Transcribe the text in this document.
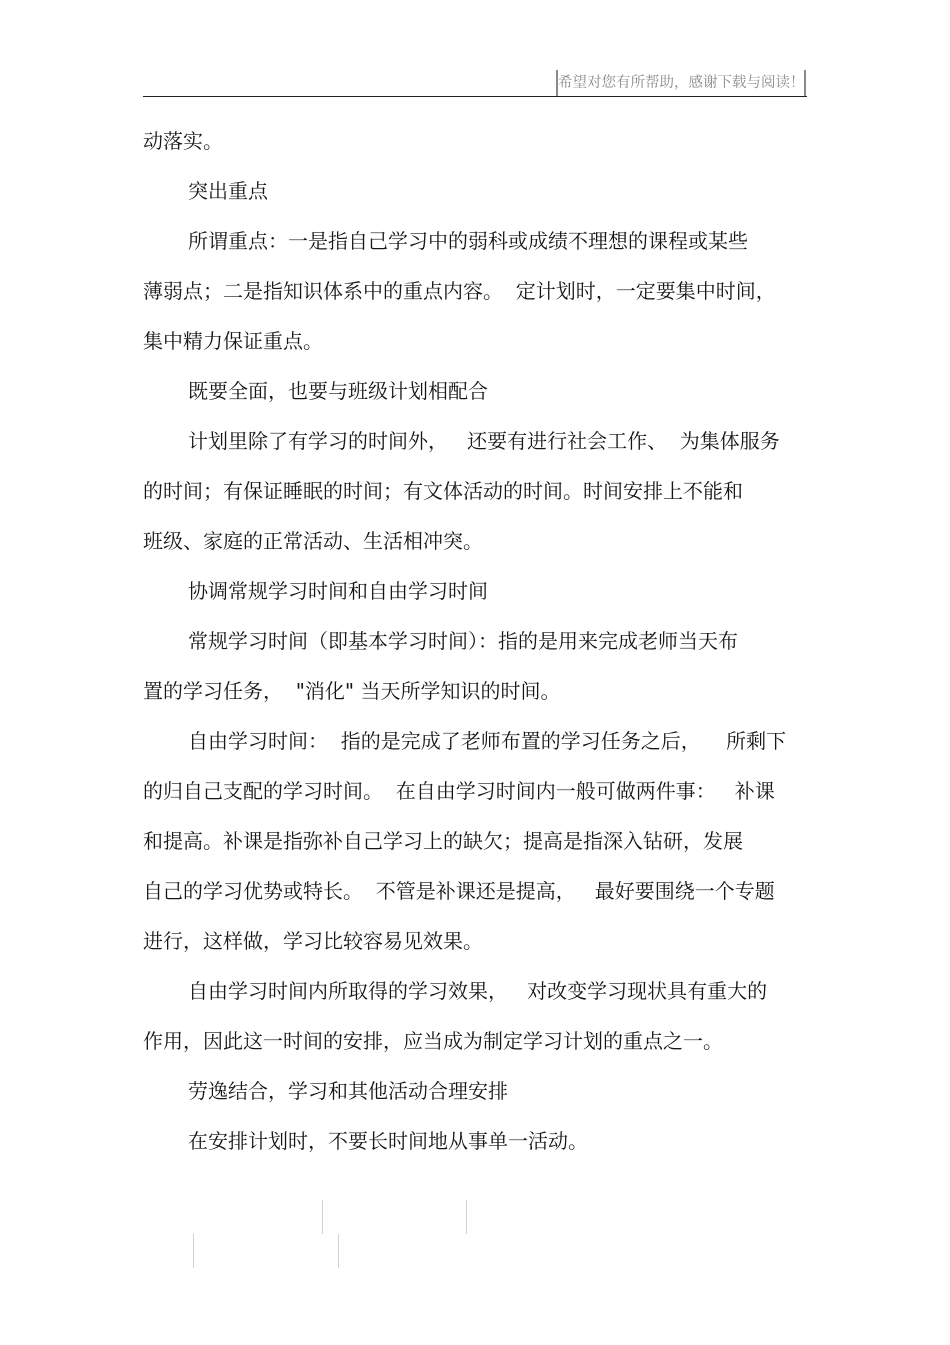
希望对您有所帮助，感谢下载与阅读！
动落实。
突出重点
所谓重点：一是指自己学习中的弱科或成绩不理想的课程或某些
薄弱点；二是指知识体系中的重点内容。  定计划时，一定要集中时间，
集中精力保证重点。
既要全面，也要与班级计划相配合
计划里除了有学习的时间外，   还要有进行社会工作、  为集体服务
的时间；有保证睡眠的时间；有文体活动的时间。时间安排上不能和
班级、家庭的正常活动、生活相冲突。
协调常规学习时间和自由学习时间
常规学习时间（即基本学习时间）：指的是用来完成老师当天布
置的学习任务，  "消化" 当天所学知识的时间。
自由学习时间：  指的是完成了老师布置的学习任务之后，    所剩下
的归自己支配的学习时间。  在自由学习时间内一般可做两件事：   补课
和提高。补课是指弥补自己学习上的缺欠；提高是指深入钻研，发展
自己的学习优势或特长。  不管是补课还是提高，   最好要围绕一个专题
进行，这样做，学习比较容易见效果。
自由学习时间内所取得的学习效果，   对改变学习现状具有重大的
作用，因此这一时间的安排，应当成为制定学习计划的重点之一。
劳逸结合，学习和其他活动合理安排
在安排计划时，不要长时间地从事单一活动。
